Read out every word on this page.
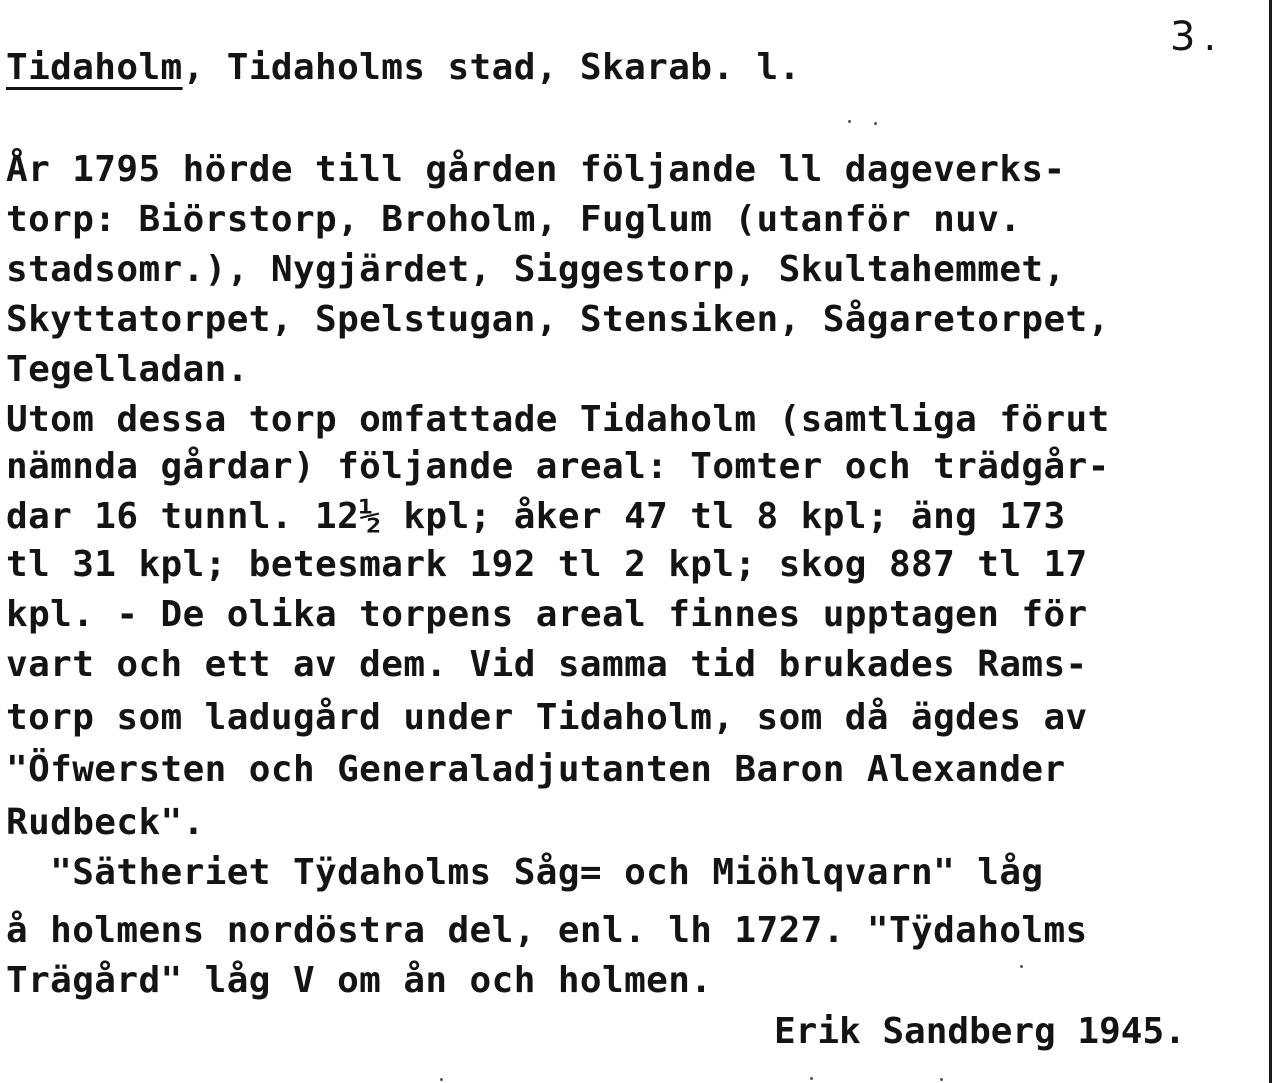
3.
Tidaholm, Tidaholms stad, Skarab. l.
År 1795 hörde till gården följande ll dageverks-
torp: Biörstorp, Broholm, Fuglum (utanför nuv.
stadsomr.), Nygjärdet, Siggestorp, Skultahemmet,
Skyttatorpet, Spelstugan, Stensiken, Sågaretorpet,
Tegelladan.
Utom dessa torp omfattade Tidaholm (samtliga förut
nämnda gårdar) följande areal: Tomter och trädgår-
dar 16 tunnl. 12½ kpl; åker 47 tl 8 kpl; äng 173
tl 31 kpl; betesmark 192 tl 2 kpl; skog 887 tl 17
kpl. - De olika torpens areal finnes upptagen för
vart och ett av dem. Vid samma tid brukades Rams-
torp som ladugård under Tidaholm, som då ägdes av
"Öfwersten och Generaladjutanten Baron Alexander
Rudbeck".
"Sätheriet Tÿdaholms Såg= och Miöhlqvarn" låg
å holmens nordöstra del, enl. lh 1727. "Tÿdaholms
Trägård" låg V om ån och holmen.
Erik Sandberg 1945.
